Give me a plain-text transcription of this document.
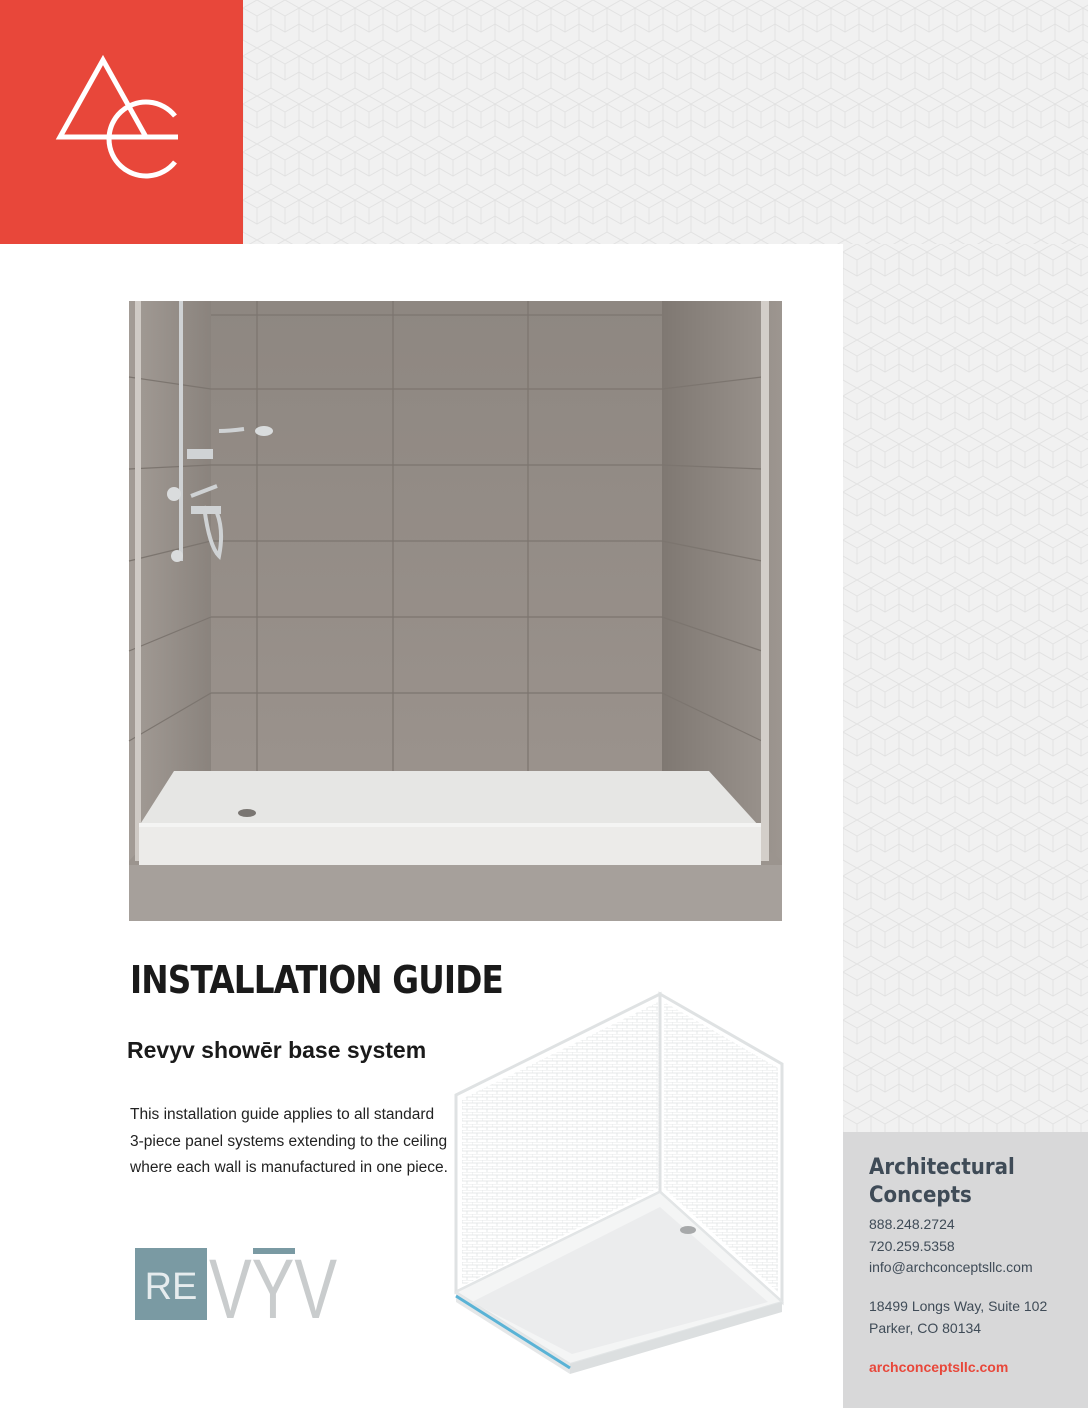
INSTALLATION GUIDE
Revyv showēr base system
This installation guide applies to all standard
3-piece panel systems extending to the ceiling
where each wall is manufactured in one piece.
RE VYV
Architectural Concepts
888.248.2724
720.259.5358
info@archconceptsllc.com
18499 Longs Way, Suite 102
Parker, CO 80134
archconceptsllc.com
